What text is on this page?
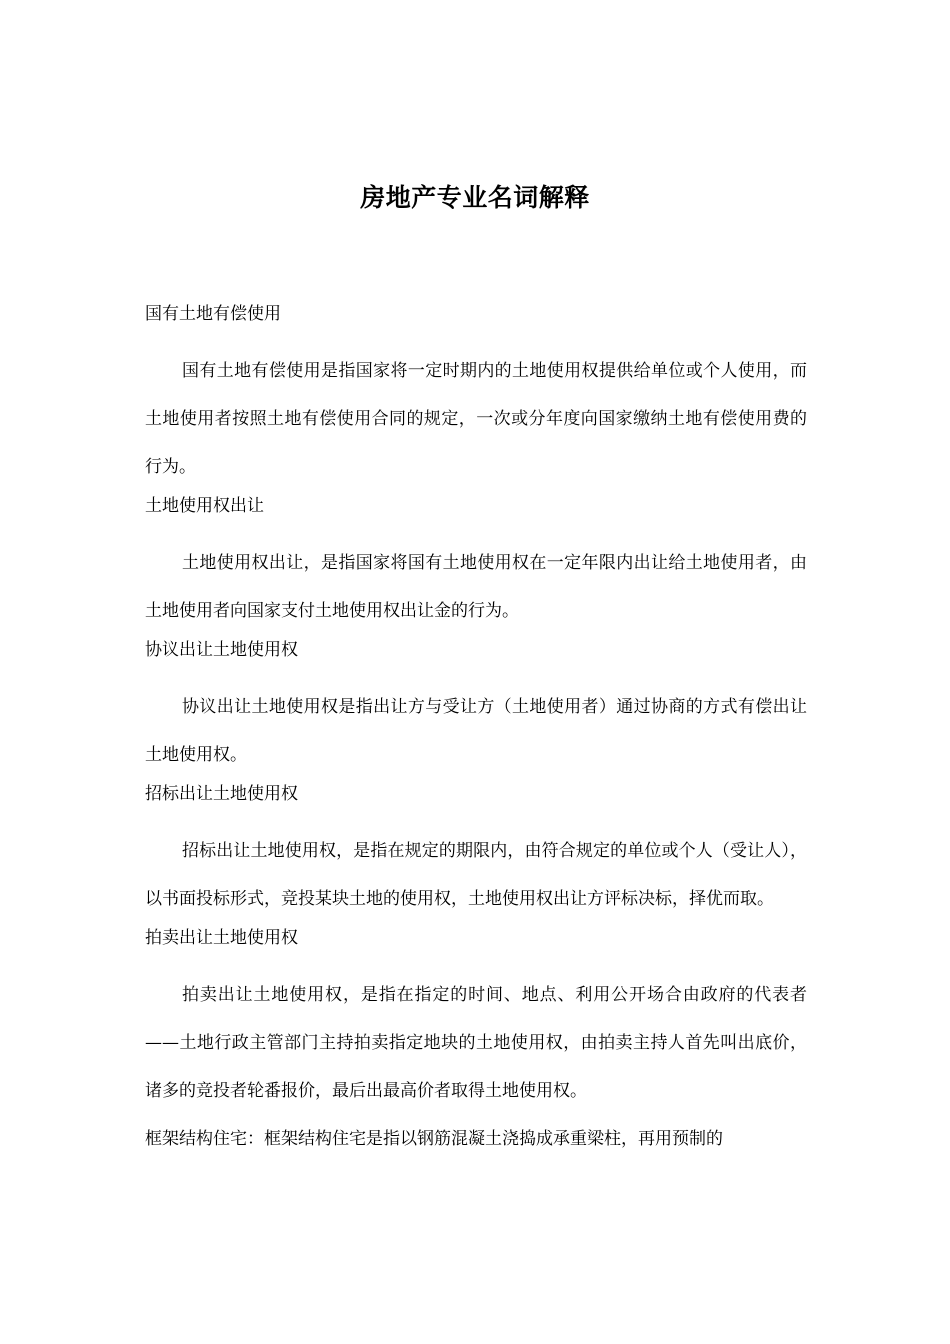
房地产专业名词解释
国有土地有偿使用
国有土地有偿使用是指国家将一定时期内的土地使用权提供给单位或个人使用，而土地使用者按照土地有偿使用合同的规定，一次或分年度向国家缴纳土地有偿使用费的行为。
土地使用权出让
土地使用权出让，是指国家将国有土地使用权在一定年限内出让给土地使用者，由土地使用者向国家支付土地使用权出让金的行为。
协议出让土地使用权
协议出让土地使用权是指出让方与受让方（土地使用者）通过协商的方式有偿出让土地使用权。
招标出让土地使用权
招标出让土地使用权，是指在规定的期限内，由符合规定的单位或个人（受让人），以书面投标形式，竞投某块土地的使用权，土地使用权出让方评标决标，择优而取。
拍卖出让土地使用权
拍卖出让土地使用权，是指在指定的时间、地点、利用公开场合由政府的代表者——土地行政主管部门主持拍卖指定地块的土地使用权，由拍卖主持人首先叫出底价，诸多的竞投者轮番报价，最后出最高价者取得土地使用权。
框架结构住宅：框架结构住宅是指以钢筋混凝土浇捣成承重梁柱，再用预制的
